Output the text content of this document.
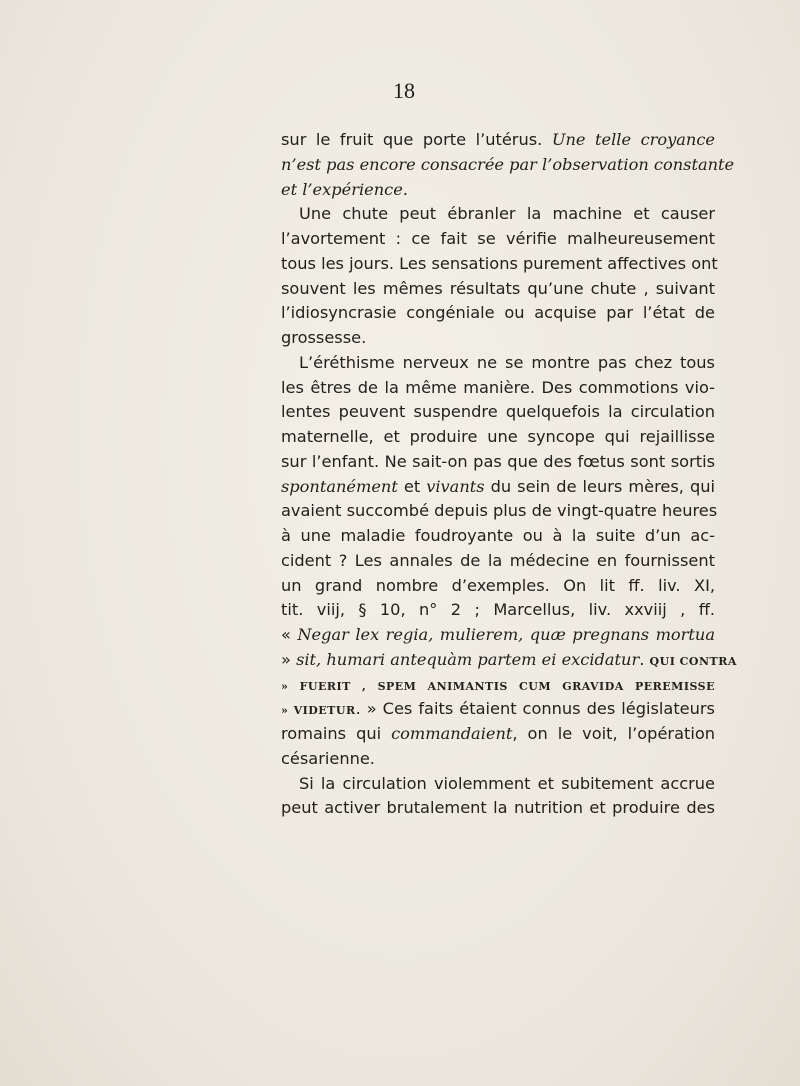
18
sur le fruit que porte l’utérus. Une telle croyance
n’est pas encore consacrée par l’observation constante
et l’expérience.
Une chute peut ébranler la machine et causer
l’avortement : ce fait se vérifie malheureusement
tous les jours. Les sensations purement affectives ont
souvent les mêmes résultats qu’une chute , suivant
l’idiosyncrasie congéniale ou acquise par l’état de
grossesse.
L’éréthisme nerveux ne se montre pas chez tous
les êtres de la même manière. Des commotions vio-
lentes peuvent suspendre quelquefois la circulation
maternelle, et produire une syncope qui rejaillisse
sur l’enfant. Ne sait-on pas que des fœtus sont sortis
spontanément et vivants du sein de leurs mères, qui
avaient succombé depuis plus de vingt-quatre heures
à une maladie foudroyante ou à la suite d’un ac-
cident ? Les annales de la médecine en fournissent
un grand nombre d’exemples. On lit ff. liv. XI,
tit. viij, § 10, n° 2 ; Marcellus, liv. xxviij , ff.
« Negar lex regia, mulierem, quæ pregnans mortua
» sit, humari antequàm partem ei excidatur. QUI CONTRA
» FUERIT , SPEM ANIMANTIS CUM GRAVIDA PEREMISSE
» VIDETUR. » Ces faits étaient connus des législateurs
romains qui commandaient, on le voit, l’opération
césarienne.
Si la circulation violemment et subitement accrue
peut activer brutalement la nutrition et produire des
